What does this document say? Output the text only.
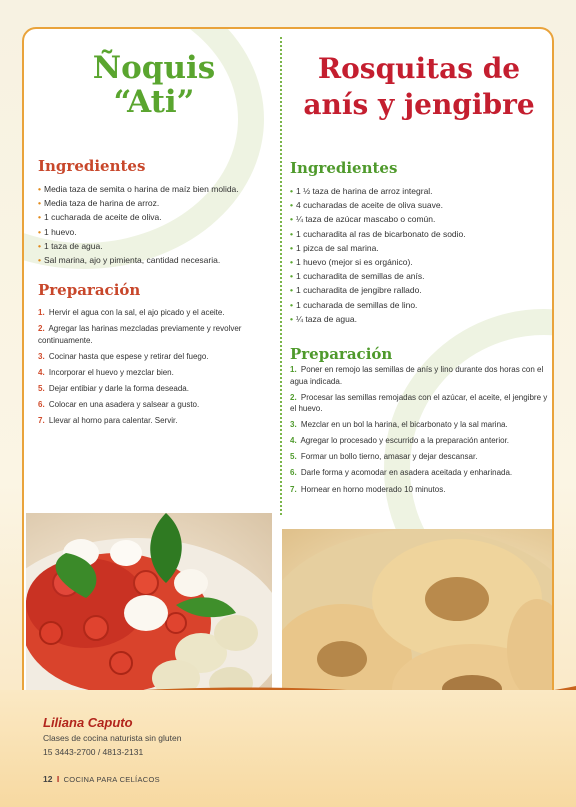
Ñoquis
“Ati”
Ingredientes
• Media taza de semita o harina de maíz bien molida.
• Media taza de harina de arroz.
• 1 cucharada de aceite de oliva.
• 1 huevo.
• 1 taza de agua.
• Sal marina, ajo y pimienta, cantidad necesaria.
Preparación
1. Hervir el agua con la sal, el ajo picado y el aceite.
2. Agregar las harinas mezcladas previamente y revolver continuamente.
3. Cocinar hasta que espese y retirar del fuego.
4. Incorporar el huevo y mezclar bien.
5. Dejar entibiar y darle la forma deseada.
6. Colocar en una asadera y salsear a gusto.
7. Llevar al horno para calentar. Servir.
Rosquitas de
anís y jengibre
Ingredientes
• 1 ½ taza de harina de arroz integral.
• 4 cucharadas de aceite de oliva suave.
• ¼ taza de azúcar mascabo o común.
• 1 cucharadita al ras de bicarbonato de sodio.
• 1 pizca de sal marina.
• 1 huevo (mejor si es orgánico).
• 1 cucharadita de semillas de anís.
• 1 cucharadita de jengibre rallado.
• 1 cucharada de semillas de lino.
• ¼ taza de agua.
Preparación
1. Poner en remojo las semillas de anís y lino durante dos horas con el agua indicada.
2. Procesar las semillas remojadas con el azúcar, el aceite, el jengibre y el huevo.
3. Mezclar en un bol la harina, el bicarbonato y la sal marina.
4. Agregar lo procesado y escurrido a la preparación anterior.
5. Formar un bollo tierno, amasar y dejar descansar.
6. Darle forma y acomodar en asadera aceitada y enharinada.
7. Hornear en horno moderado 10 minutos.
Liliana Caputo
Clases de cocina naturista sin gluten
15 3443-2700 / 4813-2131
12 I COCINA PARA CELÍACOS
